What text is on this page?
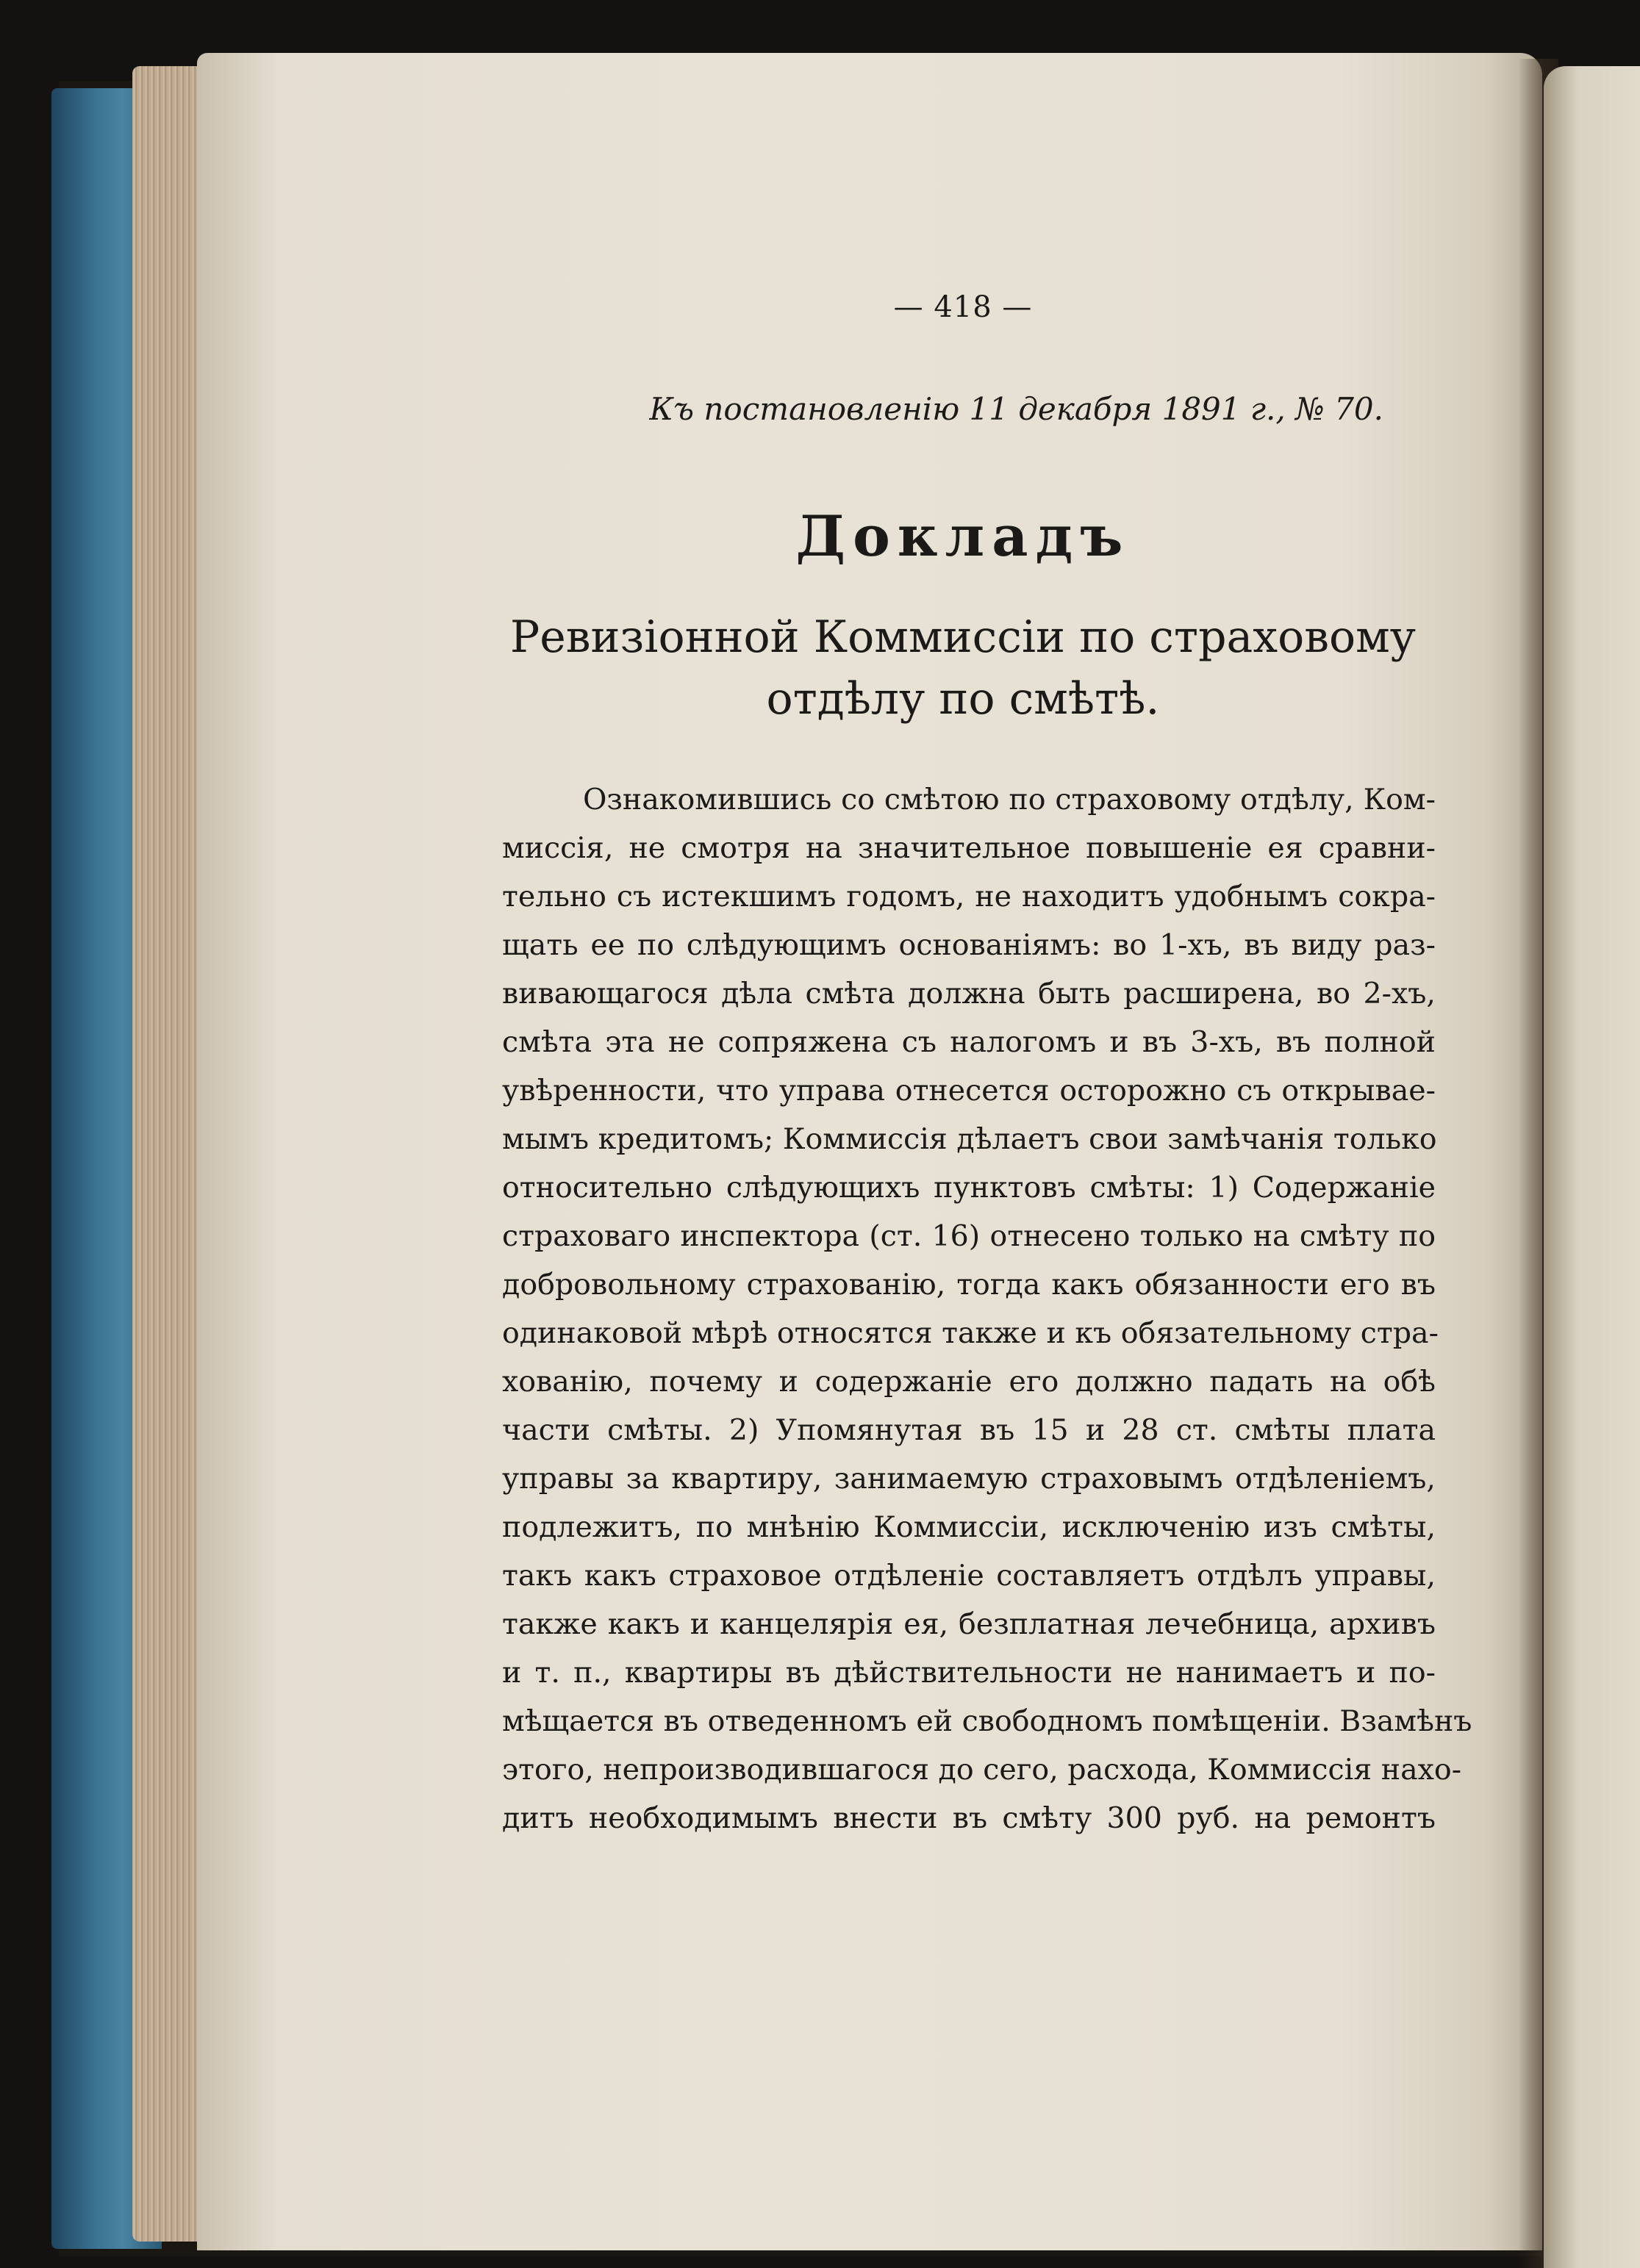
— 418 —
Къ постановленію 11 декабря 1891 г., № 70.
Докладъ
Ревизіонной Коммиссіи по страховому
отдѣлу по смѣтѣ.
Ознакомившись со смѣтою по страховому отдѣлу, Ком-
миссія, не смотря на значительное повышеніе ея сравни-
тельно съ истекшимъ годомъ, не находитъ удобнымъ сокра-
щать ее по слѣдующимъ основаніямъ: во 1-хъ, въ виду раз-
вивающагося дѣла смѣта должна быть расширена, во 2-хъ,
смѣта эта не сопряжена съ налогомъ и въ 3-хъ, въ полной
увѣренности, что управа отнесется осторожно съ открывае-
мымъ кредитомъ; Коммиссія дѣлаетъ свои замѣчанія только
относительно слѣдующихъ пунктовъ смѣты: 1) Содержаніе
страховаго инспектора (ст. 16) отнесено только на смѣту по
добровольному страхованію, тогда какъ обязанности его въ
одинаковой мѣрѣ относятся также и къ обязательному стра-
хованію, почему и содержаніе его должно падать на обѣ
части смѣты. 2) Упомянутая въ 15 и 28 ст. смѣты плата
управы за квартиру, занимаемую страховымъ отдѣленіемъ,
подлежитъ, по мнѣнію Коммиссіи, исключенію изъ смѣты,
такъ какъ страховое отдѣленіе составляетъ отдѣлъ управы,
также какъ и канцелярія ея, безплатная лечебница, архивъ
и т. п., квартиры въ дѣйствительности не нанимаетъ и по-
мѣщается въ отведенномъ ей свободномъ помѣщеніи. Взамѣнъ
этого, непроизводившагося до сего, расхода, Коммиссія нахо-
дитъ необходимымъ внести въ смѣту 300 руб. на ремонтъ
